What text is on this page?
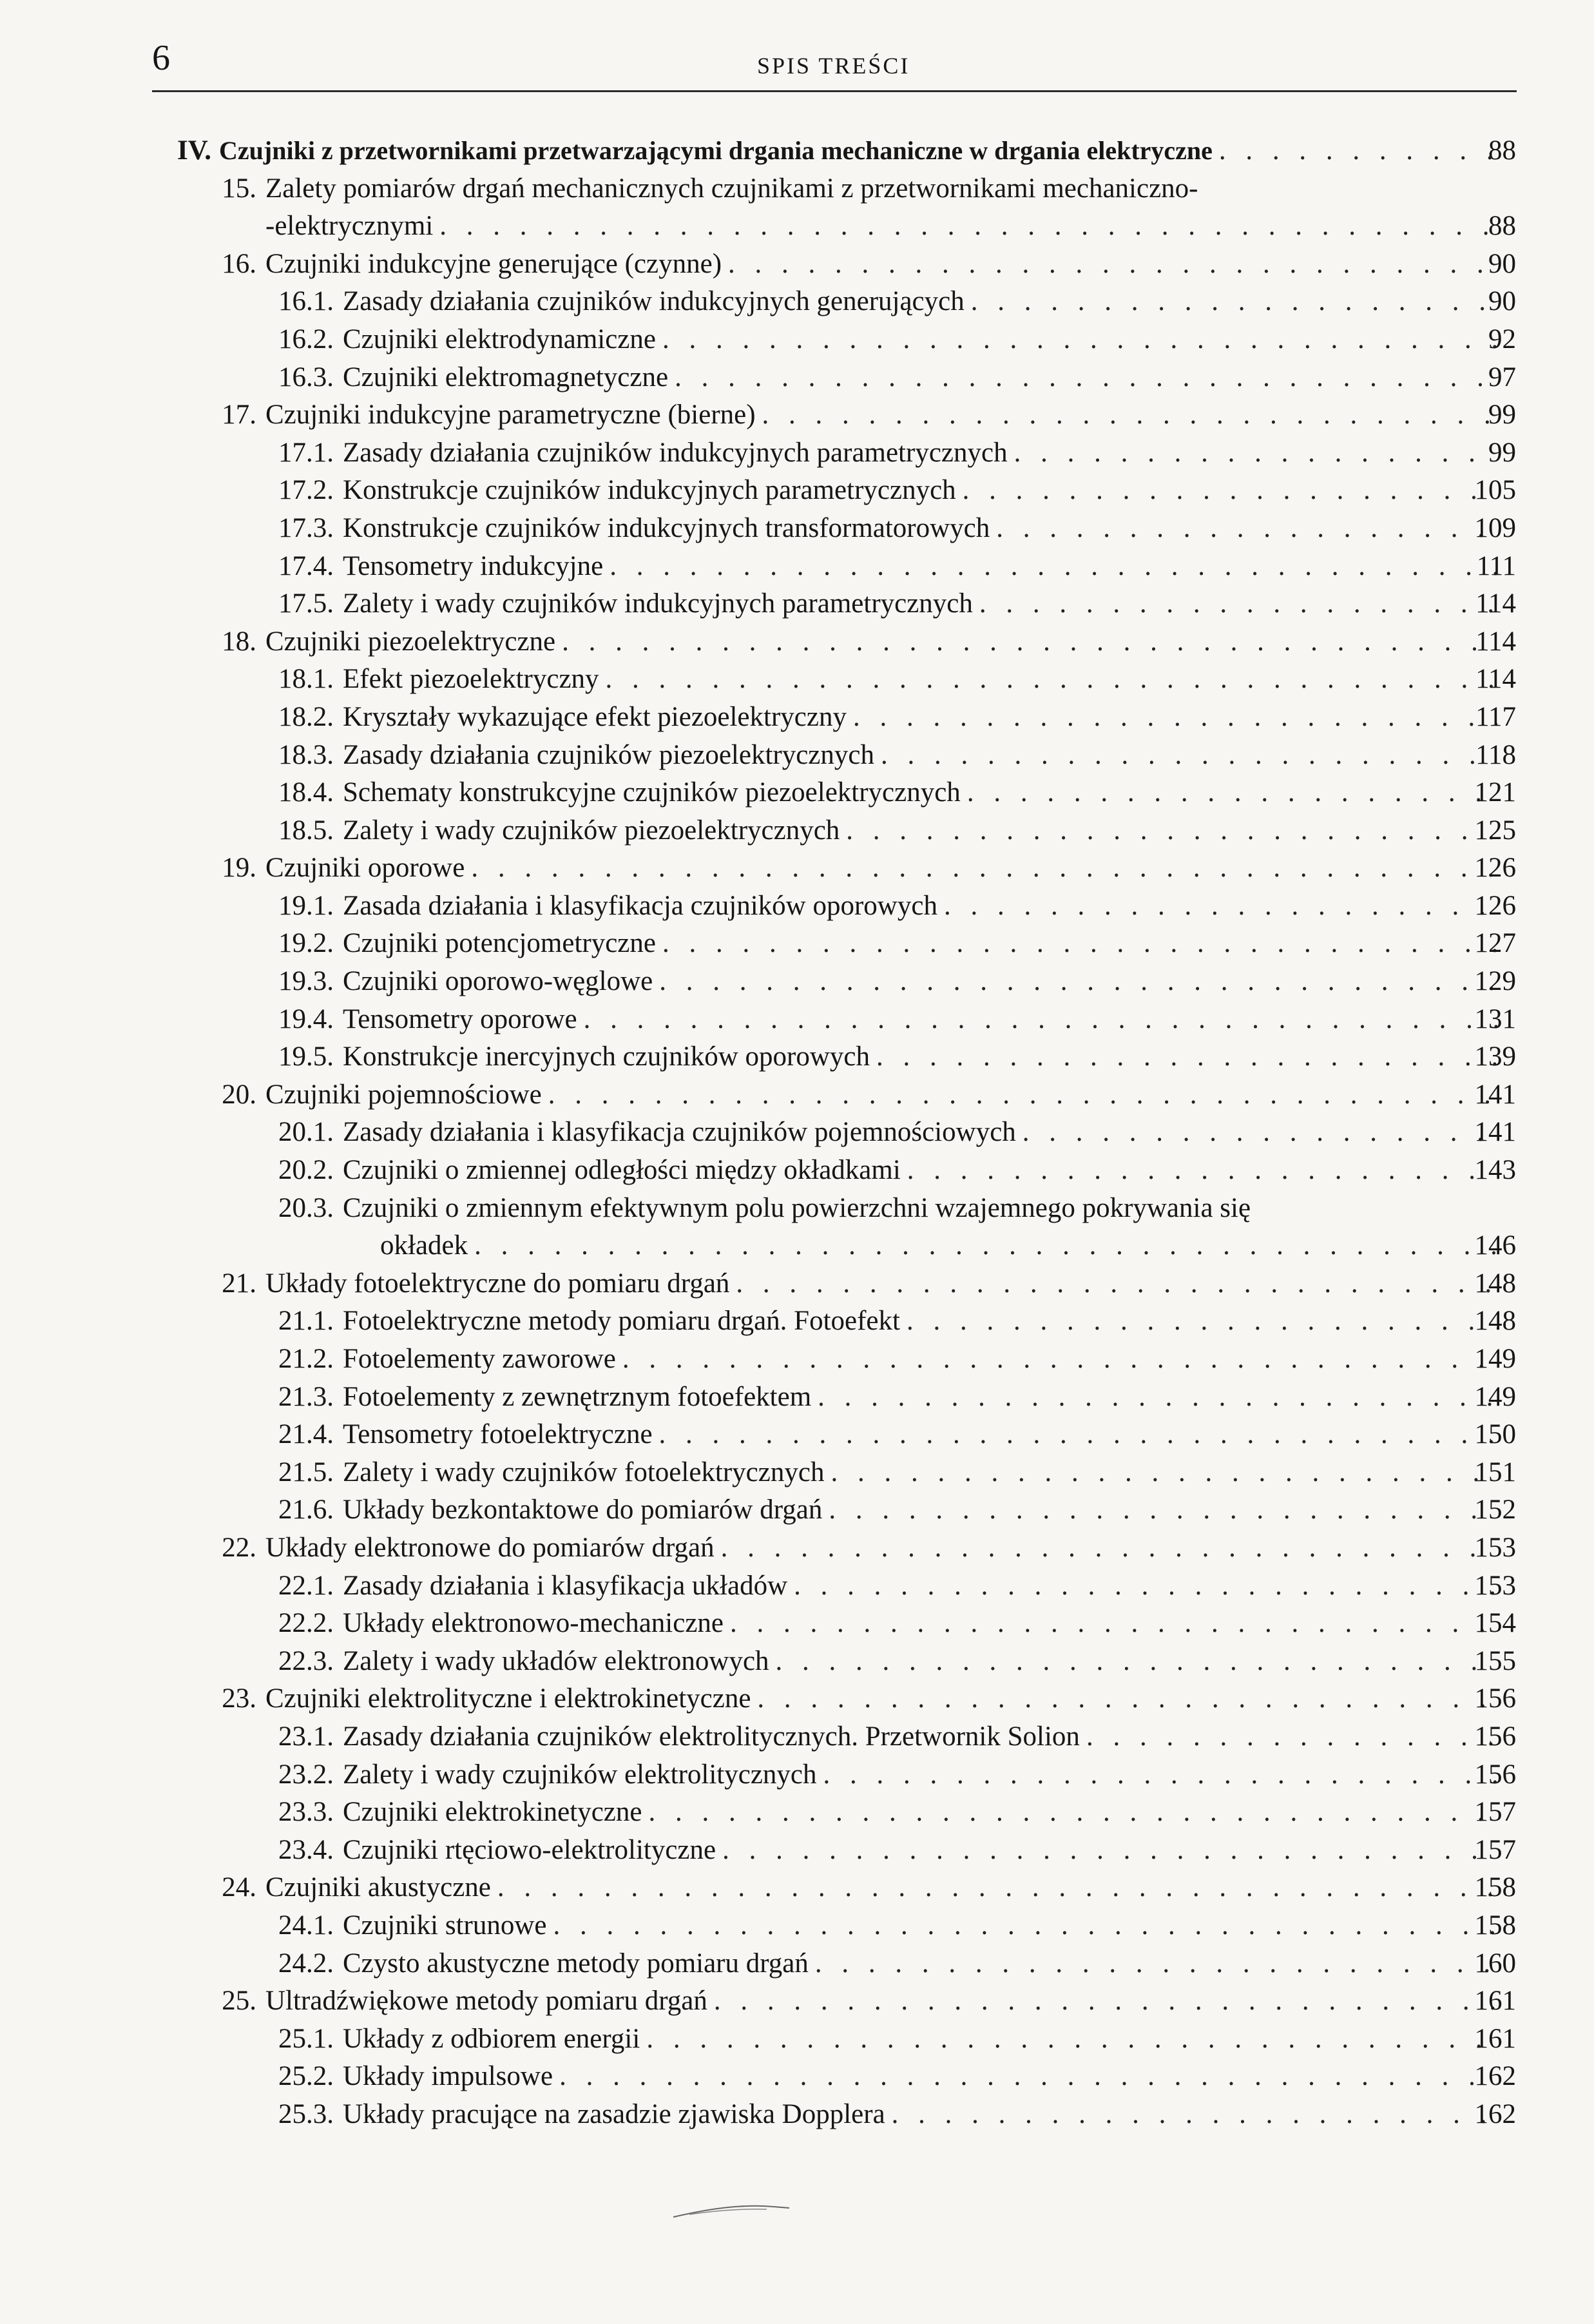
6	SPIS TREŚCI
IV. Czujniki z przetwornikami przetwarzającymi drgania mechaniczne w drgania elektryczne . . .	88
15. Zalety pomiarów drgań mechanicznych czujnikami z przetwornikami mechaniczno-
-elektrycznymi . . .	88
16. Czujniki indukcyjne generujące (czynne) . . .	90
16.1. Zasady działania czujników indukcyjnych generujących . . .	90
16.2. Czujniki elektrodynamiczne . . .	92
16.3. Czujniki elektromagnetyczne . . .	97
17. Czujniki indukcyjne parametryczne (bierne) . . .	99
17.1. Zasady działania czujników indukcyjnych parametrycznych . . .	99
17.2. Konstrukcje czujników indukcyjnych parametrycznych . . .	105
17.3. Konstrukcje czujników indukcyjnych transformatorowych . . .	109
17.4. Tensometry indukcyjne . . .	111
17.5. Zalety i wady czujników indukcyjnych parametrycznych . . .	114
18. Czujniki piezoelektryczne . . .	114
18.1. Efekt piezoelektryczny . . .	114
18.2. Kryształy wykazujące efekt piezoelektryczny . . .	117
18.3. Zasady działania czujników piezoelektrycznych . . .	118
18.4. Schematy konstrukcyjne czujników piezoelektrycznych . . .	121
18.5. Zalety i wady czujników piezoelektrycznych . . .	125
19. Czujniki oporowe . . .	126
19.1. Zasada działania i klasyfikacja czujników oporowych . . .	126
19.2. Czujniki potencjometryczne . . .	127
19.3. Czujniki oporowo-węglowe . . .	129
19.4. Tensometry oporowe . . .	131
19.5. Konstrukcje inercyjnych czujników oporowych . . .	139
20. Czujniki pojemnościowe . . .	141
20.1. Zasady działania i klasyfikacja czujników pojemnościowych . . .	141
20.2. Czujniki o zmiennej odległości między okładkami . . .	143
20.3. Czujniki o zmiennym efektywnym polu powierzchni wzajemnego pokrywania się
okładek . . .	146
21. Układy fotoelektryczne do pomiaru drgań . . .	148
21.1. Fotoelektryczne metody pomiaru drgań. Fotoefekt . . .	148
21.2. Fotoelementy zaworowe . . .	149
21.3. Fotoelementy z zewnętrznym fotoefektem . . .	149
21.4. Tensometry fotoelektryczne . . .	150
21.5. Zalety i wady czujników fotoelektrycznych . . .	151
21.6. Układy bezkontaktowe do pomiarów drgań . . .	152
22. Układy elektronowe do pomiarów drgań . . .	153
22.1. Zasady działania i klasyfikacja układów . . .	153
22.2. Układy elektronowo-mechaniczne . . .	154
22.3. Zalety i wady układów elektronowych . . .	155
23. Czujniki elektrolityczne i elektrokinetyczne . . .	156
23.1. Zasady działania czujników elektrolitycznych. Przetwornik Solion . . .	156
23.2. Zalety i wady czujników elektrolitycznych . . .	156
23.3. Czujniki elektrokinetyczne . . .	157
23.4. Czujniki rtęciowo-elektrolityczne . . .	157
24. Czujniki akustyczne . . .	158
24.1. Czujniki strunowe . . .	158
24.2. Czysto akustyczne metody pomiaru drgań . . .	160
25. Ultradźwiękowe metody pomiaru drgań . . .	161
25.1. Układy z odbiorem energii . . .	161
25.2. Układy impulsowe . . .	162
25.3. Układy pracujące na zasadzie zjawiska Dopplera . . .	162
